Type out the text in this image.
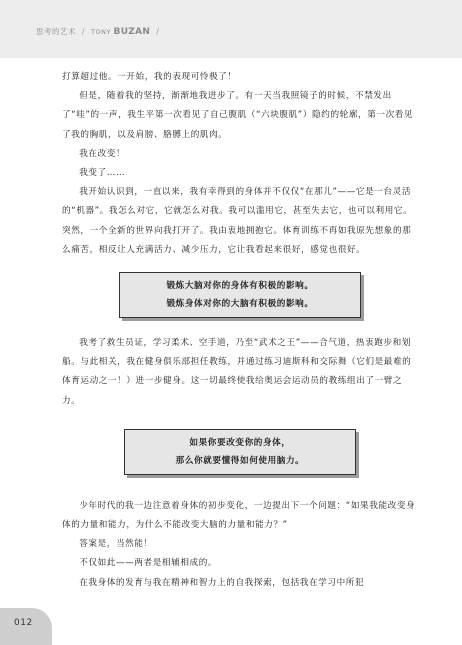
思考的艺术 / TONY BUZAN /

打算超过他。一开始，我的表现可怜极了！

但是，随着我的坚持，渐渐地我进步了。有一天当我照镜子的时候，不禁发出了“哇”的一声，我生平第一次看见了自己腹肌（“六块腹肌”）隐约的轮廓，第一次看见了我的胸肌，以及肩膀、胳膊上的肌肉。

我在改变！

我变了……

我开始认识到，一直以来，我有幸得到的身体并不仅仅“在那儿”——它是一台灵活的“机器”。我怎么对它，它就怎么对我。我可以滥用它，甚至失去它，也可以利用它。突然，一个全新的世界向我打开了。我由衷地拥抱它。体育训练不再如我原先想象的那么痛苦，相反让人充满活力、减少压力，它让我看起来很好，感觉也很好。

锻炼大脑对你的身体有积极的影响。
锻炼身体对你的大脑有积极的影响。

我考了救生员证，学习柔术、空手道，乃至“武术之王”——合气道，热衷跑步和划船。与此相关，我在健身俱乐部担任教练，并通过练习迪斯科和交际舞（它们是最难的体育运动之一！）进一步健身。这一切最终使我给奥运会运动员的教练组出了一臂之力。

如果你要改变你的身体，
那么你就要懂得如何使用脑力。

少年时代的我一边注意着身体的初步变化，一边提出下一个问题：“如果我能改变身体的力量和能力，为什么不能改变大脑的力量和能力？”

答案是，当然能！

不仅如此——两者是相辅相成的。

在我身体的发育与我在精神和智力上的自我探索，包括我在学习中所犯

012
